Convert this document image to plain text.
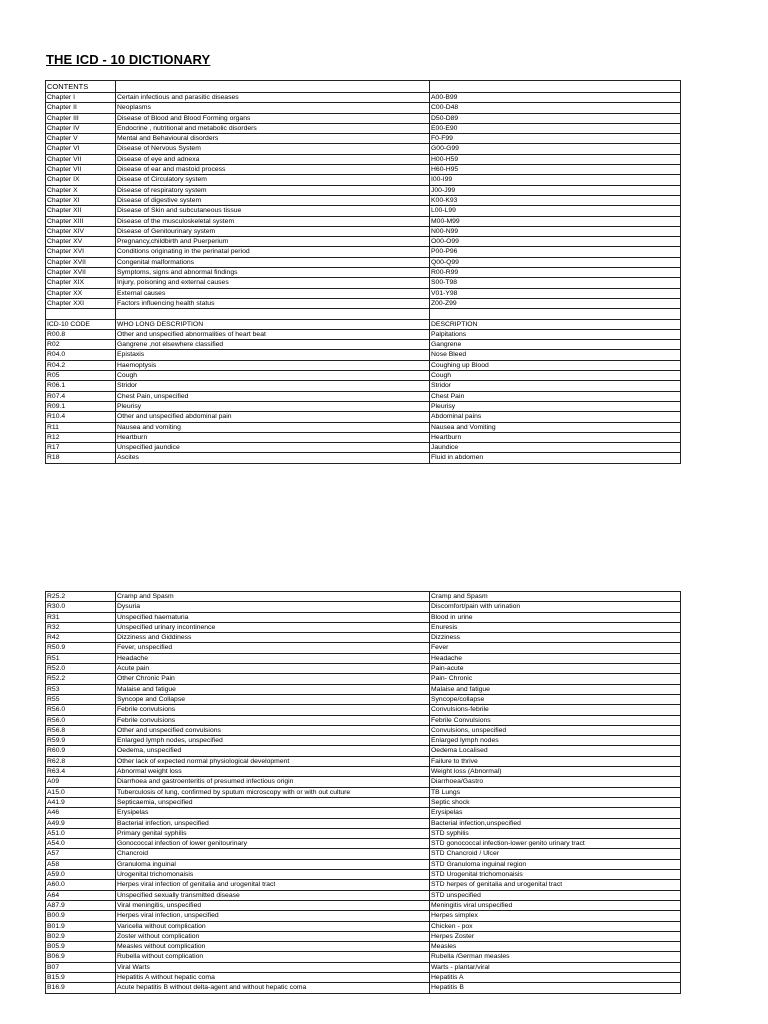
THE ICD - 10 DICTIONARY
CONTENTS		
Chapter I	Certain infectious and parasitic diseases	A00-B99
Chapter II	Neoplasms	C00-D48
Chapter III	Disease of Blood and Blood Forming organs	D50-D89
Chapter IV	Endocrine , nutritional and metabolic disorders	E00-E90
Chapter V	Mental and Behavioural disorders	F0-F99
Chapter VI	Disease of Nervous System	G00-G99
Chapter VII	Disease of eye and adnexa	H00-H59
Chapter VII	Disease of ear and mastoid process	H60-H95
Chapter IX	Disease of Circulatory system	I00-I99
Chapter X	Disease of respiratory system	J00-J99
Chapter XI	Disease of digestive system	K00-K93
Chapter XII	Disease of Skin and subcutaneous tissue	L00-L99
Chapter XIII	Disease of the musculoskeletal system	M00-M99
Chapter XIV	Disease of Genitourinary system	N00-N99
Chapter XV	Pregnancy,childbirth and Puerperium	O00-O99
Chapter XVI	Conditions originating in the perinatal period	P00-P96
Chapter XVII	Congenital malformations	Q00-Q99
Chapter XVII	Symptoms, signs and abnormal findings	R00-R99
Chapter XIX	Injury, poisoning and external causes	S00-T98
Chapter XX	External causes	V01-Y98
Chapter XXI	Factors influencing health status	Z00-Z99

ICD-10 CODE	WHO LONG DESCRIPTION	DESCRIPTION
R00.8	Other and unspecified abnormalities of heart beat	Palpitations
R02	Gangrene ,not elsewhere classified	Gangrene
R04.0	Epistaxis	Nose Bleed
R04.2	Haemoptysis	Coughing up Blood
R05	Cough	Cough
R06.1	Stridor	Stridor
R07.4	Chest Pain, unspecified	Chest Pain
R09.1	Pleurisy	Pleurisy
R10.4	Other and unspecified abdominal pain	Abdominal pains
R11	Nausea and vomiting	Nausea and Vomiting
R12	Heartburn	Heartburn
R17	Unspecified jaundice	Jaundice
R18	Ascites	Fluid in abdomen
R25.2	Cramp and Spasm	Cramp and Spasm
R30.0	Dysuria	Discomfort/pain with urination
R31	Unspecified haematuria	Blood in urine
R32	Unspecified urinary incontinence	Enuresis
R42	Dizziness and Giddiness	Dizziness
R50.9	Fever, unspecified	Fever
R51	Headache	Headache
R52.0	Acute pain	Pain-acute
R52.2	Other Chronic Pain	Pain- Chronic
R53	Malaise and fatigue	Malaise and fatigue
R55	Syncope and Collapse	Syncope/collapse
R56.0	Febrile convulsions	Convulsions-febrile
R56.0	Febrile convulsions	Febrile Convulsions
R56.8	Other and unspecified convulsions	Convulsions, unspecified
R59.9	Enlarged lymph nodes, unspecified	Enlarged lymph nodes
R60.9	Oedema, unspecified	Oedema Localised
R62.8	Other lack of expected normal physiological development	Failure to thrive
R63.4	Abnormal weight loss	Weight loss (Abnormal)
A09	Diarrhoea and gastroenteritis of presumed infectious origin	Diarrhoea/Gastro
A15.0	Tuberculosis of lung, confirmed by sputum microscopy with or with out culture	TB Lungs
A41.9	Septicaemia, unspecified	Septic shock
A46	Erysipelas	Erysipelas
A49.9	Bacterial infection, unspecified	Bacterial infection,unspecified
A51.0	Primary genital syphilis	STD syphilis
A54.0	Gonococcal infection of lower genitourinary	STD gonococcal infection-lower genito urinary tract
A57	Chancroid	STD Chancroid / Ulcer
A58	Granuloma inguinal	STD Granuloma inguinal region
A59.0	Urogenital trichomonaisis	STD Urogenital trichomonaisis
A60.0	Herpes viral infection of genitalia and urogenital tract	STD herpes of genitalia and urogenital tract
A64	Unspecified sexually transmitted disease	STD unspecified
A87.9	Viral meningitis, unspecified	Meningitis viral unspecified
B00.9	Herpes viral infection, unspecified	Herpes simplex
B01.9	Varicella without complication	Chicken - pox
B02.9	Zoster without complication	Herpes Zoster
B05.9	Measles without complication	Measles
B06.9	Rubella without complication	Rubella /German measles
B07	Viral Warts	Warts - plantar/viral
B15.9	Hepatitis A without hepatic coma	Hepatitis A
B16.9	Acute hepatitis B without delta-agent and without hepatic coma	Hepatitis B
